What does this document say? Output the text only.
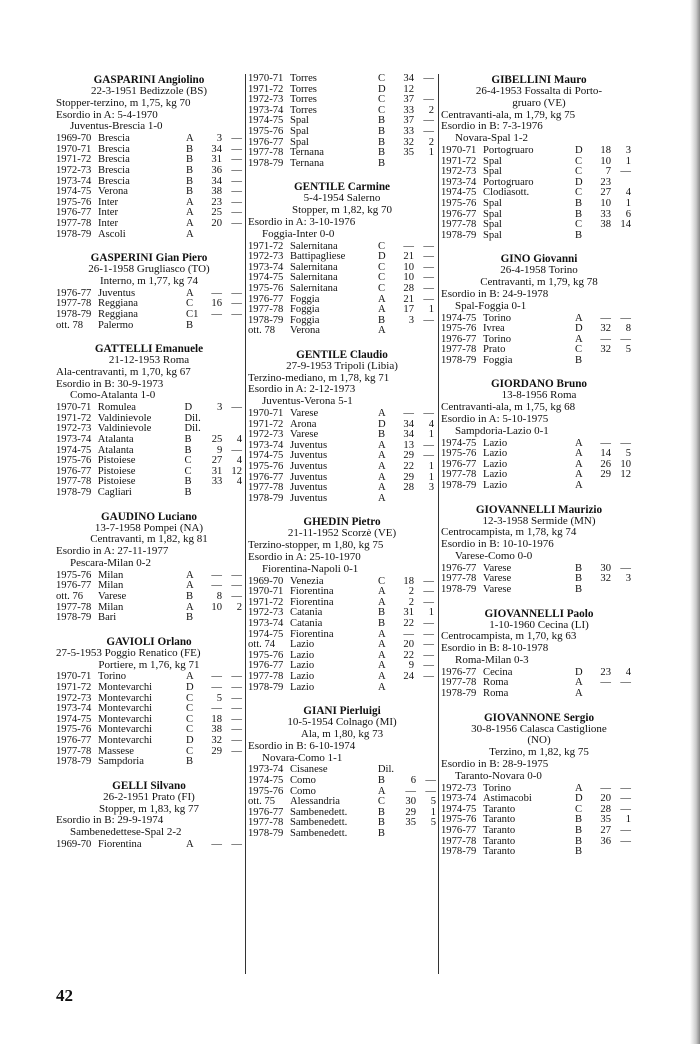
GASPARINI Angiolino
22-3-1951 Bedizzole (BS)
Stopper-terzino, m 1,75, kg 70
Esordio in A: 5-4-1970
Juventus-Brescia 1-0
1969-70	Brescia	A	3	—
1970-71	Brescia	B	34	—
1971-72	Brescia	B	31	—
1972-73	Brescia	B	36	—
1973-74	Brescia	B	34	—
1974-75	Verona	B	38	—
1975-76	Inter	A	23	—
1976-77	Inter	A	25	—
1977-78	Inter	A	20	—
1978-79	Ascoli	A		
GASPERINI Gian Piero
26-1-1958 Grugliasco (TO)
Interno, m 1,77, kg 74
1976-77	Juventus	A	—	—
1977-78	Reggiana	C	16	—
1978-79	Reggiana	C1	—	—
ott. 78	Palermo	B		
GATTELLI Emanuele
21-12-1953 Roma
Ala-centravanti, m 1,70, kg 67
Esordio in B: 30-9-1973
Como-Atalanta 1-0
1970-71	Romulea	D	3	—
1971-72	Valdinievole	Dil.		
1972-73	Valdinievole	Dil.		
1973-74	Atalanta	B	25	4
1974-75	Atalanta	B	9	—
1975-76	Pistoiese	C	27	4
1976-77	Pistoiese	C	31	12
1977-78	Pistoiese	B	33	4
1978-79	Cagliari	B		
GAUDINO Luciano
13-7-1958 Pompei (NA)
Centravanti, m 1,82, kg 81
Esordio in A: 27-11-1977
Pescara-Milan 0-2
1975-76	Milan	A	—	—
1976-77	Milan	A	—	—
ott. 76	Varese	B	8	—
1977-78	Milan	A	10	2
1978-79	Bari	B		
GAVIOLI Orlano
27-5-1953 Poggio Renatico (FE)
Portiere, m 1,76, kg 71
1970-71	Torino	A	—	—
1971-72	Montevarchi	D	—	—
1972-73	Montevarchi	C	5	—
1973-74	Montevarchi	C	—	—
1974-75	Montevarchi	C	18	—
1975-76	Montevarchi	C	38	—
1976-77	Montevarchi	D	32	—
1977-78	Massese	C	29	—
1978-79	Sampdoria	B		
GELLI Silvano
26-2-1951 Prato (FI)
Stopper, m 1,83, kg 77
Esordio in B: 29-9-1974
Sambenedettese-Spal 2-2
1969-70	Fiorentina	A	—	—
1970-71	Torres	C	34	—
1971-72	Torres	D	12	
1972-73	Torres	C	37	—
1973-74	Torres	C	33	2
1974-75	Spal	B	37	—
1975-76	Spal	B	33	—
1976-77	Spal	B	32	2
1977-78	Ternana	B	35	1
1978-79	Ternana	B		
GENTILE Carmine
5-4-1954 Salerno
Stopper, m 1,82, kg 70
Esordio in A: 3-10-1976
Foggia-Inter 0-0
1971-72	Salernitana	C	—	—
1972-73	Battipagliese	D	21	—
1973-74	Salernitana	C	10	—
1974-75	Salernitana	C	10	—
1975-76	Salernitana	C	28	—
1976-77	Foggia	A	21	—
1977-78	Foggia	A	17	1
1978-79	Foggia	B	3	—
ott. 78	Verona	A		
GENTILE Claudio
27-9-1953 Tripoli (Libia)
Terzino-mediano, m 1,78, kg 71
Esordio in A: 2-12-1973
Juventus-Verona 5-1
1970-71	Varese	A	—	—
1971-72	Arona	D	34	4
1972-73	Varese	B	34	1
1973-74	Juventus	A	13	—
1974-75	Juventus	A	29	—
1975-76	Juventus	A	22	1
1976-77	Juventus	A	29	1
1977-78	Juventus	A	28	3
1978-79	Juventus	A		
GHEDIN Pietro
21-11-1952 Scorzè (VE)
Terzino-stopper, m 1,80, kg 75
Esordio in A: 25-10-1970
Fiorentina-Napoli 0-1
1969-70	Venezia	C	18	—
1970-71	Fiorentina	A	2	—
1971-72	Fiorentina	A	2	—
1972-73	Catania	B	31	1
1973-74	Catania	B	22	—
1974-75	Fiorentina	A	—	—
ott. 74	Lazio	A	20	—
1975-76	Lazio	A	22	—
1976-77	Lazio	A	9	—
1977-78	Lazio	A	24	—
1978-79	Lazio	A		
GIANI Pierluigi
10-5-1954 Colnago (MI)
Ala, m 1,80, kg 73
Esordio in B: 6-10-1974
Novara-Como 1-1
1973-74	Cisanese	Dil.		
1974-75	Como	B	6	—
1975-76	Como	A	—	—
ott. 75	Alessandria	C	30	5
1976-77	Sambenedett.	B	29	1
1977-78	Sambenedett.	B	35	5
1978-79	Sambenedett.	B		
GIBELLINI Mauro
26-4-1953 Fossalta di Porto-
gruaro (VE)
Centravanti-ala, m 1,79, kg 75
Esordio in B: 7-3-1976
Novara-Spal 1-2
1970-71	Portogruaro	D	18	3
1971-72	Spal	C	10	1
1972-73	Spal	C	7	—
1973-74	Portogruaro	D	23	
1974-75	Clodiasott.	C	27	4
1975-76	Spal	B	10	1
1976-77	Spal	B	33	6
1977-78	Spal	C	38	14
1978-79	Spal	B		
GINO Giovanni
26-4-1958 Torino
Centravanti, m 1,79, kg 78
Esordio in B: 24-9-1978
Spal-Foggia 0-1
1974-75	Torino	A	—	—
1975-76	Ivrea	D	32	8
1976-77	Torino	A	—	—
1977-78	Prato	C	32	5
1978-79	Foggia	B		
GIORDANO Bruno
13-8-1956 Roma
Centravanti-ala, m 1,75, kg 68
Esordio in A: 5-10-1975
Sampdoria-Lazio 0-1
1974-75	Lazio	A	—	—
1975-76	Lazio	A	14	5
1976-77	Lazio	A	26	10
1977-78	Lazio	A	29	12
1978-79	Lazio	A		
GIOVANNELLI Maurizio
12-3-1958 Sermide (MN)
Centrocampista, m 1,78, kg 74
Esordio in B: 10-10-1976
Varese-Como 0-0
1976-77	Varese	B	30	—
1977-78	Varese	B	32	3
1978-79	Varese	B		
GIOVANNELLI Paolo
1-10-1960 Cecina (LI)
Centrocampista, m 1,70, kg 63
Esordio in B: 8-10-1978
Roma-Milan 0-3
1976-77	Cecina	D	23	4
1977-78	Roma	A	—	—
1978-79	Roma	A		
GIOVANNONE Sergio
30-8-1956 Calasca Castiglione
(NO)
Terzino, m 1,82, kg 75
Esordio in B: 28-9-1975
Taranto-Novara 0-0
1972-73	Torino	A	—	—
1973-74	Astimacobi	D	20	—
1974-75	Taranto	C	28	—
1975-76	Taranto	B	35	1
1976-77	Taranto	B	27	—
1977-78	Taranto	B	36	—
1978-79	Taranto	B		
42
